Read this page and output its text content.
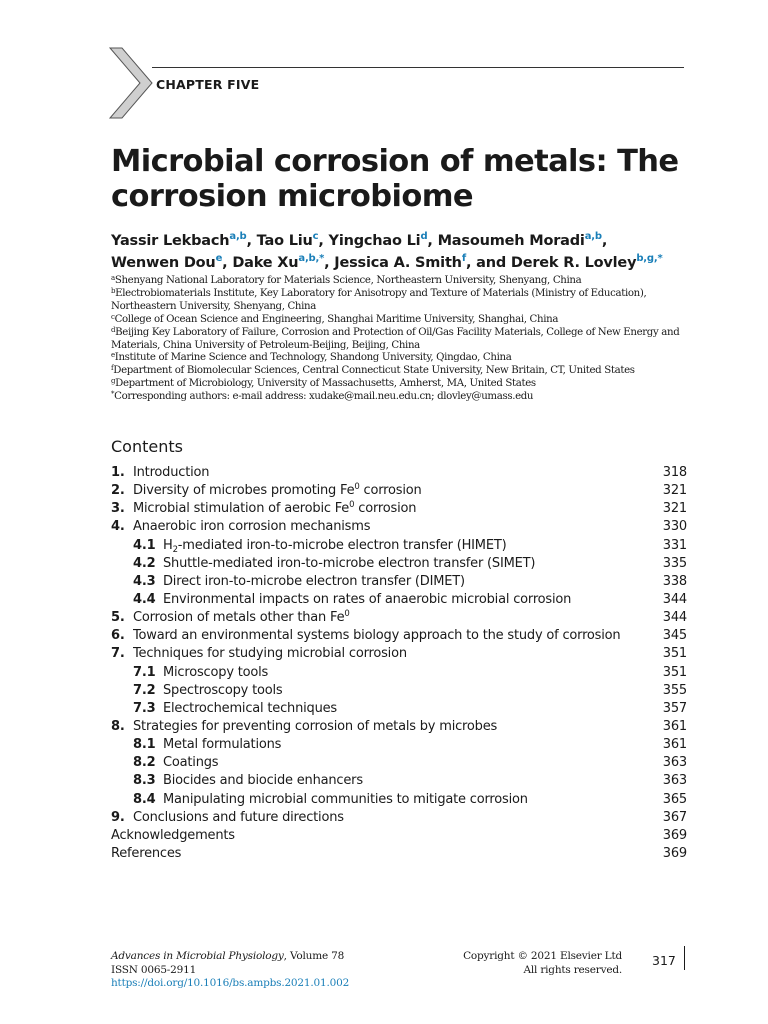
CHAPTER FIVE
Microbial corrosion of metals: The corrosion microbiome
Yassir Lekbach$^{a,b}$, Tao Liu$^c$, Yingchao Li$^d$, Masoumeh Moradi$^{a,b}$,
Wenwen Dou$^e$, Dake $Xu^{a,b,*}$, Jessica A. Smith$^f$, and Derek R. Lovley$^{b,g,*}$
$^a$Shenyang National Laboratory for Materials Science, Northeastern University, Shenyang, China
$^b$Electrobiomaterials Institute, Key Laboratory for Anisotropy and Texture of Materials (Ministry of Education), Northeastern University, Shenyang, China
$^c$College of Ocean Science and Engineering, Shanghai Maritime University, Shanghai, China
$^d$Beijing Key Laboratory of Failure, Corrosion and Protection of Oil/Gas Facility Materials, College of New Energy and Materials, China University of Petroleum-Beijing, Beijing, China
$^e$Institute of Marine Science and Technology, Shandong University, Qingdao, China
$^f$Department of Biomolecular Sciences, Central Connecticut State University, New Britain, CT, United States
$^g$Department of Microbiology, University of Massachusetts, Amherst, MA, United States
*Corresponding authors: e-mail address: xudake@mail.neu.edu.cn; dlovley@umass.edu
Contents
1. Introduction	318
2. Diversity of microbes promoting Fe$^0$ corrosion	321
3. Microbial stimulation of aerobic Fe$^0$ corrosion	321
4. Anaerobic iron corrosion mechanisms	330
4.1 $H_2$-mediated iron-to-microbe electron transfer (HIMET)	331
4.2 Shuttle-mediated iron-to-microbe electron transfer (SIMET)	335
4.3 Direct iron-to-microbe electron transfer (DIMET)	338
4.4 Environmental impacts on rates of anaerobic microbial corrosion	344
5. Corrosion of metals other than Fe$^0$	344
6. Toward an environmental systems biology approach to the study of corrosion	345
7. Techniques for studying microbial corrosion	351
7.1 Microscopy tools	351
7.2 Spectroscopy tools	355
7.3 Electrochemical techniques	357
8. Strategies for preventing corrosion of metals by microbes	361
8.1 Metal formulations	361
8.2 Coatings	363
8.3 Biocides and biocide enhancers	363
8.4 Manipulating microbial communities to mitigate corrosion	365
9. Conclusions and future directions	367
Acknowledgements	369
References	369
Advances in Microbial Physiology, Volume 78
ISSN 0065-2911
https://doi.org/10.1016/bs.ampbs.2021.01.002
Copyright © 2021 Elsevier Ltd
All rights reserved.
317
